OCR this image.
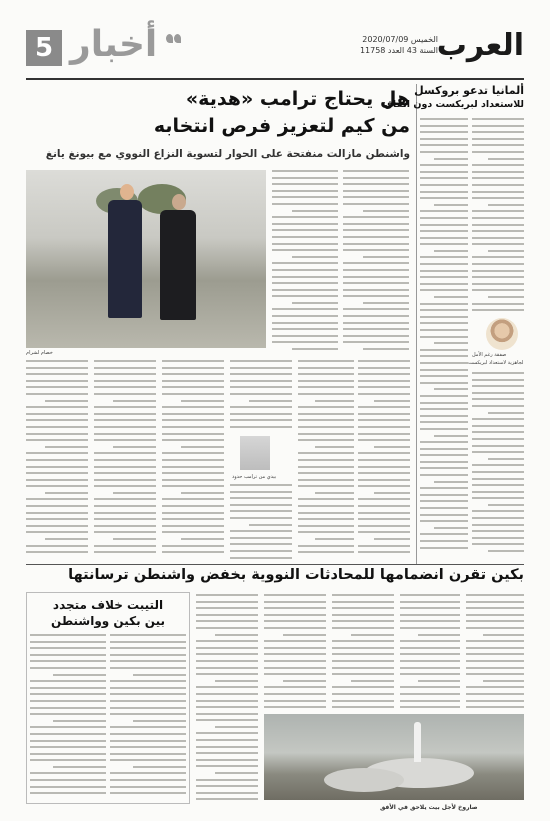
5 أخبار	الخميس 2020/07/09
السنة 43 العدد 11758
العرب
هل يحتاج ترامب «هدية»
من كيم لتعزيز فرص انتخابه
واشنطن مازالت منفتحة على الحوار لتسوية النزاع النووي مع بيونغ يانغ
خصام لشرام
بيدي من ترامب حدود
ألمانيا تدعو بروكسل
للاستعداد لبريكست دون اتفاق
صفقة رغم الأمل
لجاهزية لاستعداد لبريكست
بكين تقرن انضمامها للمحادثات النووية بخفض واشنطن ترسانتها
التيبت خلاف متجدد
بين بكين وواشنطن
صاروخ لأجل بيت يلاحق في الأفق
